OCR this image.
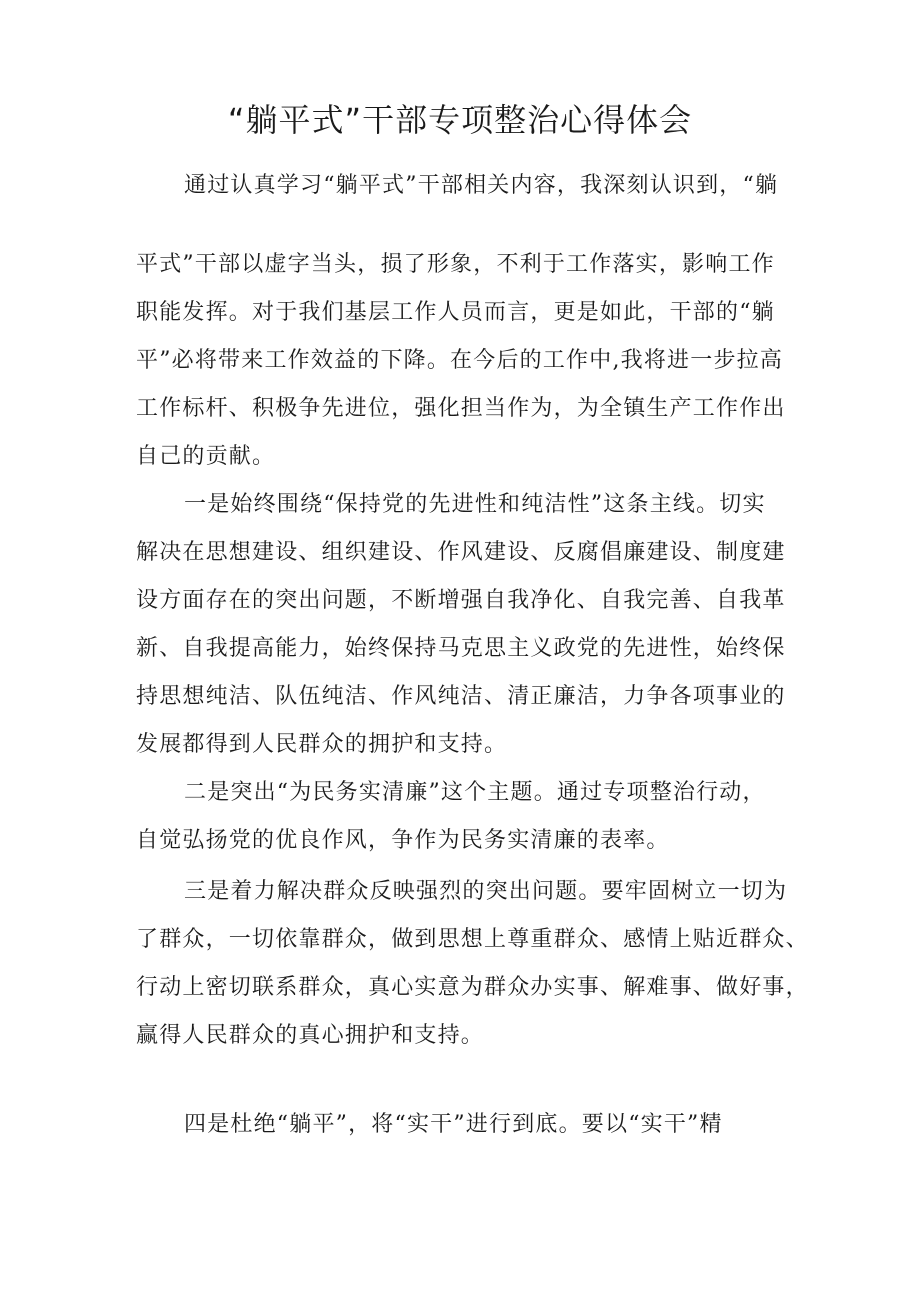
“躺平式”干部专项整治心得体会
通过认真学习“躺平式”干部相关内容，我深刻认识到，“躺
平式”干部以虚字当头，损了形象，不利于工作落实，影响工作
职能发挥。对于我们基层工作人员而言，更是如此，干部的“躺
平”必将带来工作效益的下降。在今后的工作中,我将进一步拉高
工作标杆、积极争先进位，强化担当作为，为全镇生产工作作出
自己的贡献。
一是始终围绕“保持党的先进性和纯洁性”这条主线。切实
解决在思想建设、组织建设、作风建设、反腐倡廉建设、制度建
设方面存在的突出问题，不断增强自我净化、自我完善、自我革
新、自我提高能力，始终保持马克思主义政党的先进性，始终保
持思想纯洁、队伍纯洁、作风纯洁、清正廉洁，力争各项事业的
发展都得到人民群众的拥护和支持。
二是突出“为民务实清廉”这个主题。通过专项整治行动，
自觉弘扬党的优良作风，争作为民务实清廉的表率。
三是着力解决群众反映强烈的突出问题。要牢固树立一切为
了群众，一切依靠群众，做到思想上尊重群众、感情上贴近群众、
行动上密切联系群众，真心实意为群众办实事、解难事、做好事，
赢得人民群众的真心拥护和支持。
四是杜绝“躺平”，将“实干”进行到底。要以“实干”精
